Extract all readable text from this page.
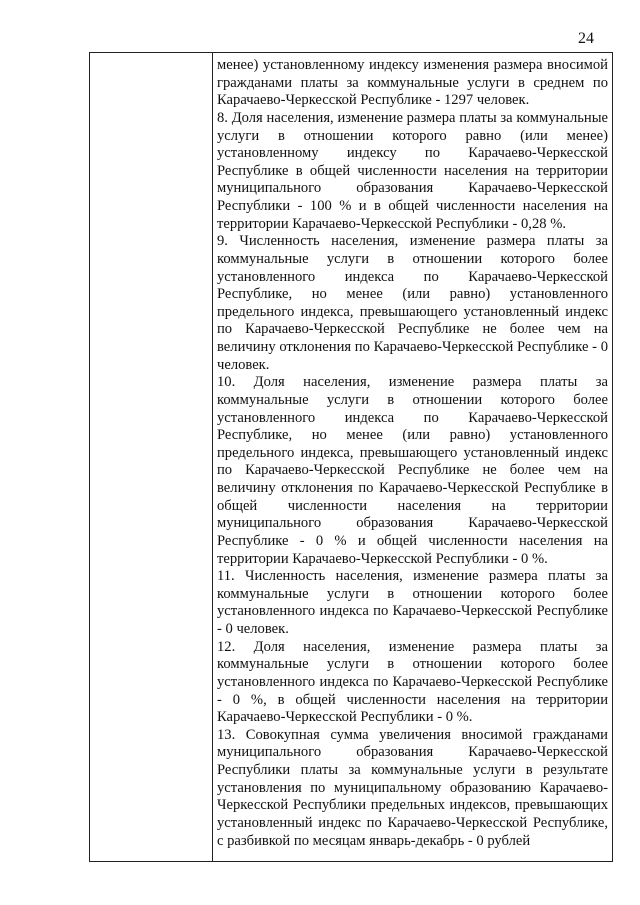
24

менее) установленному индексу изменения размера вносимой гражданами платы за коммунальные услуги в среднем по Карачаево-Черкесской Республике - 1297 человек.

8. Доля населения, изменение размера платы за коммунальные услуги в отношении которого равно (или менее) установленному индексу по Карачаево-Черкесской Республике в общей численности населения на территории муниципального образования Карачаево-Черкесской Республики - 100 % и в общей численности населения на территории Карачаево-Черкесской Республики - 0,28 %.

9. Численность населения, изменение размера платы за коммунальные услуги в отношении которого более установленного индекса по Карачаево-Черкесской Республике, но менее (или равно) установленного предельного индекса, превышающего установленный индекс по Карачаево-Черкесской Республике не более чем на величину отклонения по Карачаево-Черкесской Республике - 0 человек.

10. Доля населения, изменение размера платы за коммунальные услуги в отношении которого более установленного индекса по Карачаево-Черкесской Республике, но менее (или равно) установленного предельного индекса, превышающего установленный индекс по Карачаево-Черкесской Республике не более чем на величину отклонения по Карачаево-Черкесской Республике в общей численности населения на территории муниципального образования Карачаево-Черкесской Республике - 0 % и общей численности населения на территории Карачаево-Черкесской Республики - 0 %.

11. Численность населения, изменение размера платы за коммунальные услуги в отношении которого более установленного индекса по Карачаево-Черкесской Республике - 0 человек.

12. Доля населения, изменение размера платы за коммунальные услуги в отношении которого более установленного индекса по Карачаево-Черкесской Республике - 0 %, в общей численности населения на территории Карачаево-Черкесской Республики - 0 %.

13. Совокупная сумма увеличения вносимой гражданами муниципального образования Карачаево-Черкесской Республики платы за коммунальные услуги в результате установления по муниципальному образованию Карачаево-Черкесской Республики предельных индексов, превышающих установленный индекс по Карачаево-Черкесской Республике, с разбивкой по месяцам январь-декабрь - 0 рублей
